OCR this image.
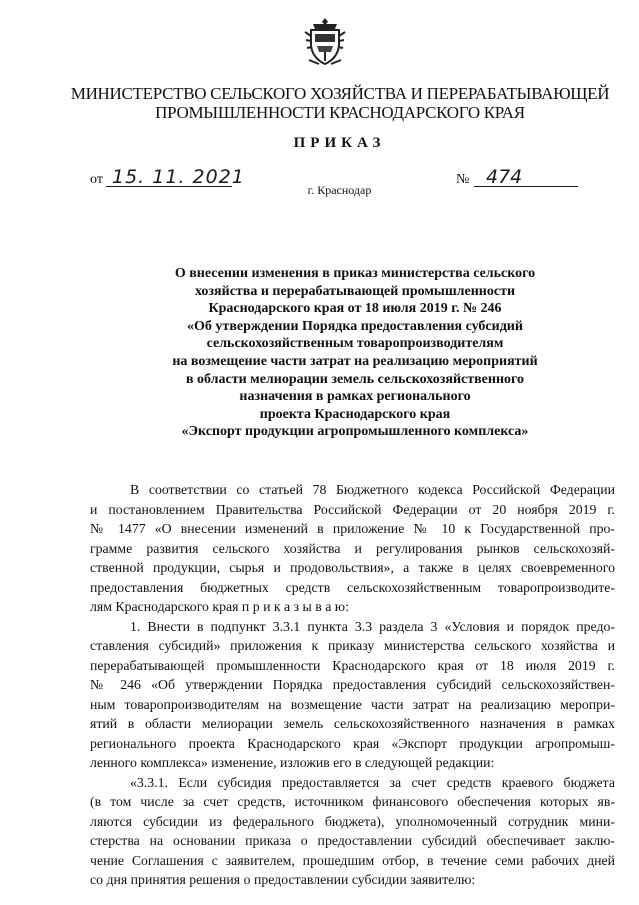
МИНИСТЕРСТВО СЕЛЬСКОГО ХОЗЯЙСТВА И ПЕРЕРАБАТЫВАЮЩЕЙ
ПРОМЫШЛЕННОСТИ КРАСНОДАРСКОГО КРАЯ
ПРИКАЗ
от 15. 11. 2021	№ 474
г. Краснодар
О внесении изменения в приказ министерства сельского
хозяйства и перерабатывающей промышленности
Краснодарского края от 18 июля 2019 г. № 246
«Об утверждении Порядка предоставления субсидий
сельскохозяйственным товаропроизводителям
на возмещение части затрат на реализацию мероприятий
в области мелиорации земель сельскохозяйственного
назначения в рамках регионального
проекта Краснодарского края
«Экспорт продукции агропромышленного комплекса»
В соответствии со статьей 78 Бюджетного кодекса Российской Федерации
и постановлением Правительства Российской Федерации от 20 ноября 2019 г.
№ 1477 «О внесении изменений в приложение № 10 к Государственной про-
грамме развития сельского хозяйства и регулирования рынков сельскохозяй-
ственной продукции, сырья и продовольствия», а также в целях своевременного
предоставления бюджетных средств сельскохозяйственным товаропроизводите-
лям Краснодарского края п р и к а з ы в а ю:
1. Внести в подпункт 3.3.1 пункта 3.3 раздела 3 «Условия и порядок предо-
ставления субсидий» приложения к приказу министерства сельского хозяйства и
перерабатывающей промышленности Краснодарского края от 18 июля 2019 г.
№ 246 «Об утверждении Порядка предоставления субсидий сельскохозяйствен-
ным товаропроизводителям на возмещение части затрат на реализацию меропри-
ятий в области мелиорации земель сельскохозяйственного назначения в рамках
регионального проекта Краснодарского края «Экспорт продукции агропромыш-
ленного комплекса» изменение, изложив его в следующей редакции:
«3.3.1. Если субсидия предоставляется за счет средств краевого бюджета
(в том числе за счет средств, источником финансового обеспечения которых яв-
ляются субсидии из федерального бюджета), уполномоченный сотрудник мини-
стерства на основании приказа о предоставлении субсидий обеспечивает заклю-
чение Соглашения с заявителем, прошедшим отбор, в течение семи рабочих дней
со дня принятия решения о предоставлении субсидии заявителю:
